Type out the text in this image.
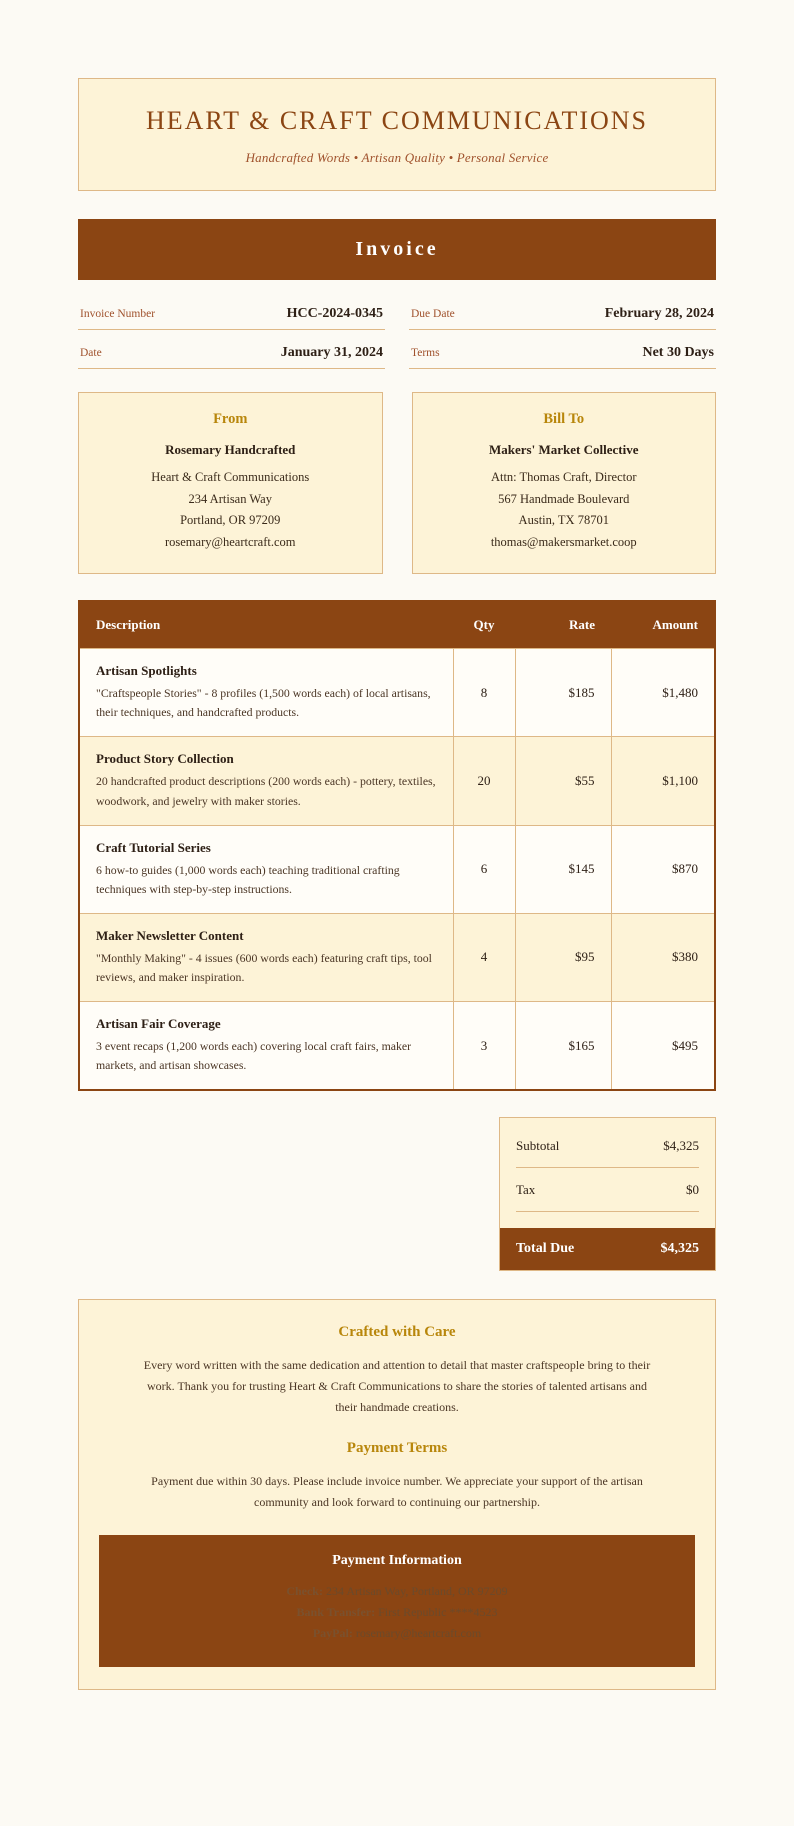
HEART & CRAFT COMMUNICATIONS
Handcrafted Words • Artisan Quality • Personal Service
Invoice
Invoice Number	HCC-2024-0345 Due Date	February 28, 2024
Date	January 31, 2024 Terms	Net 30 Days
From
Rosemary Handcrafted
Heart & Craft Communications
234 Artisan Way
Portland, OR 97209
rosemary@heartcraft.com
Bill To
Makers' Market Collective
Attn: Thomas Craft, Director
567 Handmade Boulevard
Austin, TX 78701
thomas@makersmarket.coop
Description	Qty	Rate	Amount

Artisan Spotlights
"Craftspeople Stories" - 8 profiles (1,500 words each) of local artisans, their techniques, and handcrafted products.	8	$185	$1,480

Product Story Collection
20 handcrafted product descriptions (200 words each) - pottery, textiles, woodwork, and jewelry with maker stories.	20	$55	$1,100

Craft Tutorial Series
6 how-to guides (1,000 words each) teaching traditional crafting techniques with step-by-step instructions.	6	$145	$870

Maker Newsletter Content
"Monthly Making" - 4 issues (600 words each) featuring craft tips, tool reviews, and maker inspiration.	4	$95	$380

Artisan Fair Coverage
3 event recaps (1,200 words each) covering local craft fairs, maker markets, and artisan showcases.	3	$165	$495
Subtotal	$4,325
Tax	$0
Total Due	$4,325
Crafted with Care
Every word written with the same dedication and attention to detail that master craftspeople bring to their work. Thank you for trusting Heart & Craft Communications to share the stories of talented artisans and their handmade creations.
Payment Terms
Payment due within 30 days. Please include invoice number. We appreciate your support of the artisan community and look forward to continuing our partnership.
Payment Information
Check: 234 Artisan Way, Portland, OR 97209
Bank Transfer: First Republic ****4523
PayPal: rosemary@heartcraft.com
